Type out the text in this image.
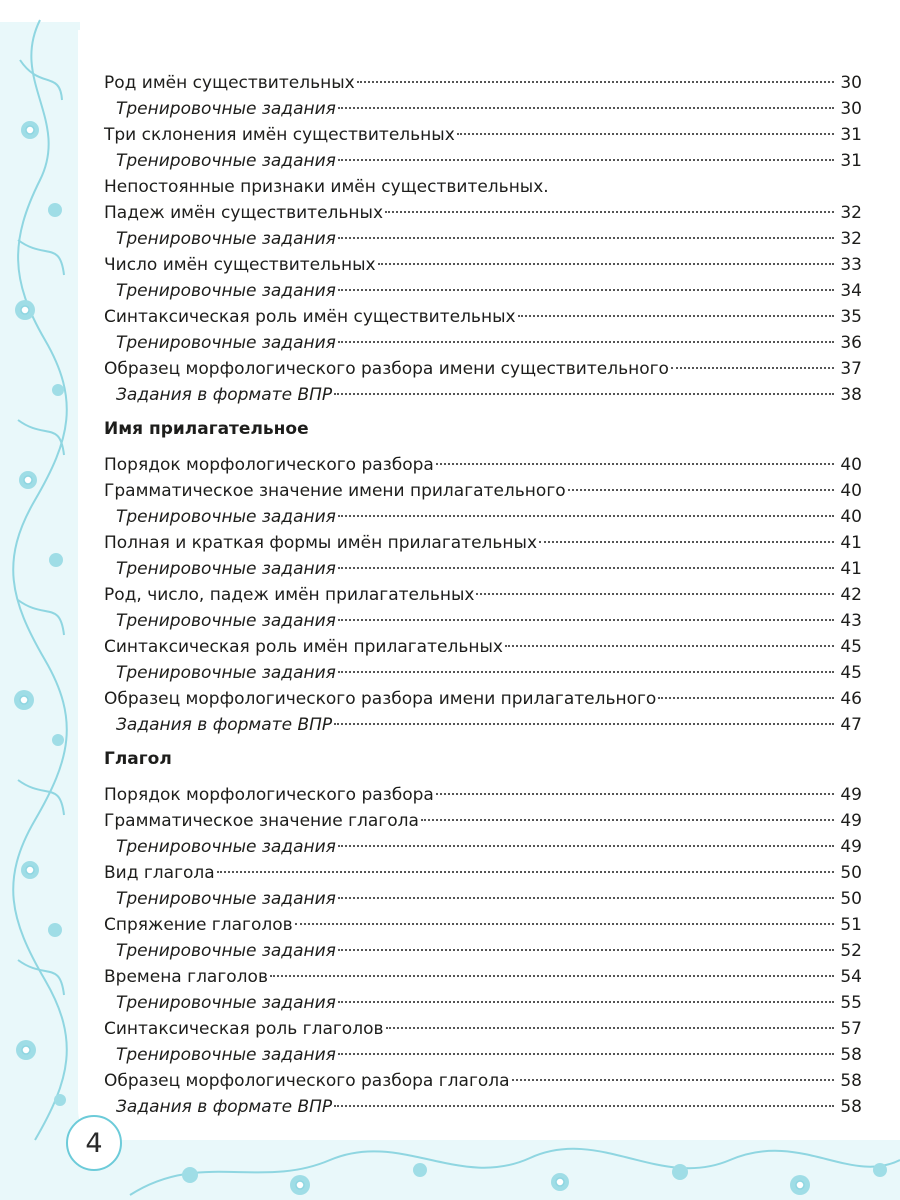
4
Род имён существительных	30
Тренировочные задания	30
Три склонения имён существительных	31
Тренировочные задания	31
Непостоянные признаки имён существительных.
Падеж имён существительных	32
Тренировочные задания	32
Число имён существительных	33
Тренировочные задания	34
Синтаксическая роль имён существительных	35
Тренировочные задания	36
Образец морфологического разбора имени существительного	37
Задания в формате ВПР	38
Имя прилагательное
Порядок морфологического разбора	40
Грамматическое значение имени прилагательного	40
Тренировочные задания	40
Полная и краткая формы имён прилагательных	41
Тренировочные задания	41
Род, число, падеж имён прилагательных	42
Тренировочные задания	43
Синтаксическая роль имён прилагательных	45
Тренировочные задания	45
Образец морфологического разбора имени прилагательного	46
Задания в формате ВПР	47
Глагол
Порядок морфологического разбора	49
Грамматическое значение глагола	49
Тренировочные задания	49
Вид глагола	50
Тренировочные задания	50
Спряжение глаголов	51
Тренировочные задания	52
Времена глаголов	54
Тренировочные задания	55
Синтаксическая роль глаголов	57
Тренировочные задания	58
Образец морфологического разбора глагола	58
Задания в формате ВПР	58
